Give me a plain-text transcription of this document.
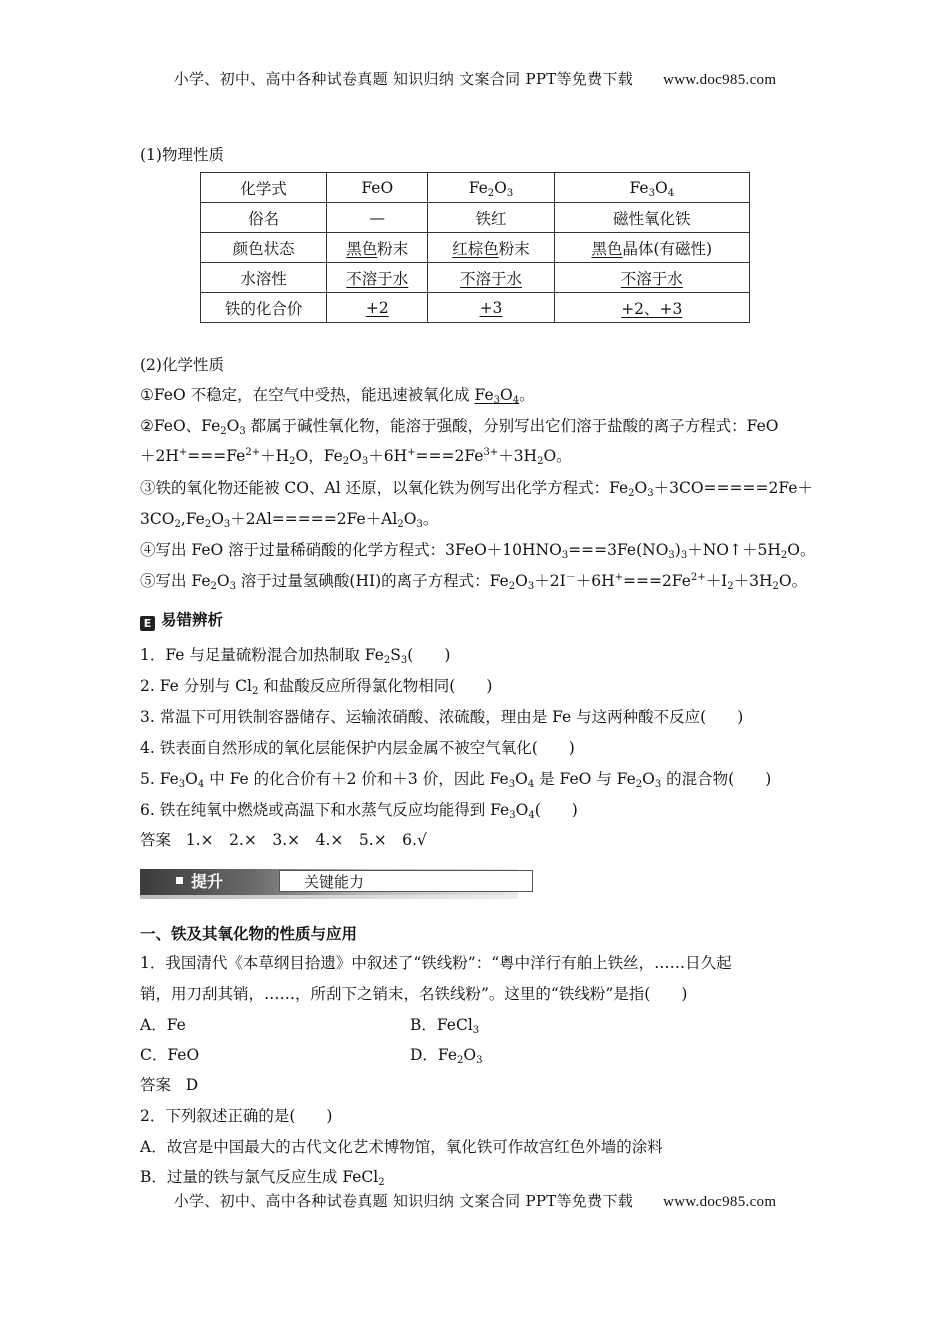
小学、初中、高中各种试卷真题 知识归纳 文案合同 PPT等免费下载 www.doc985.com
(1)物理性质
化学式	FeO	$Fe_2O_3$	$Fe_3O_4$
俗名	—	铁红	磁性氧化铁
颜色状态	黑色粉末	红棕色粉末	黑色晶体(有磁性)
水溶性	不溶于水	不溶于水	不溶于水
铁的化合价	+2	+3	+2、+3
(2)化学性质
①FeO 不稳定，在空气中受热，能迅速被氧化成 $Fe_3O_4$。
②FeO、$Fe_2O_3$ 都属于碱性氧化物，能溶于强酸，分别写出它们溶于盐酸的离子方程式：FeO
$+2H^+===Fe^{2+}+H_2O$，$Fe_2O_3+6H^+===2Fe^{3+}+3H_2O$。
③铁的氧化物还能被 CO、Al 还原，以氧化铁为例写出化学方程式：$Fe_2O_3+3CO=====2Fe+$
$3CO_2,Fe_2O_3+2Al=====2Fe+Al_2O_3$。
④写出 FeO 溶于过量稀硝酸的化学方程式：$3FeO+10HNO_3===3Fe(NO_3)_3+NO↑+5H_2O$。
⑤写出 $Fe_2O_3$ 溶于过量氢碘酸(HI)的离子方程式：$Fe_2O_3+2I^-+6H^+===2Fe^{2+}+I_2+3H_2O$。
E 易错辨析
1．Fe 与足量硫粉混合加热制取 $Fe_2S_3$(　　)
2. Fe 分别与 $Cl_2$ 和盐酸反应所得氯化物相同(　　)
3. 常温下可用铁制容器储存、运输浓硝酸、浓硫酸，理由是 Fe 与这两种酸不反应(　　)
4. 铁表面自然形成的氧化层能保护内层金属不被空气氧化(　　)
5. $Fe_3O_4$ 中 Fe 的化合价有＋2 价和＋3 价，因此 $Fe_3O_4$ 是 FeO 与 $Fe_2O_3$ 的混合物(　　)
6. 铁在纯氧中燃烧或高温下和水蒸气反应均能得到 $Fe_3O_4$(　　)
答案 1.×　2.×　3.×　4.×　5.×　6.√
提升	关键能力
一、铁及其氧化物的性质与应用
1．我国清代《本草纲目拾遗》中叙述了“铁线粉”：“粤中洋行有舶上铁丝，……日久起
销，用刀刮其销，……，所刮下之销末，名铁线粉”。这里的“铁线粉”是指(　　)
A．Fe	B．FeCl$_3$
C．FeO	D．$Fe_2O_3$
答案 D
2．下列叙述正确的是(　　)
A．故宫是中国最大的古代文化艺术博物馆，氧化铁可作故宫红色外墙的涂料
B．过量的铁与氯气反应生成 FeCl$_2$
小学、初中、高中各种试卷真题 知识归纳 文案合同 PPT等免费下载 www.doc985.com
